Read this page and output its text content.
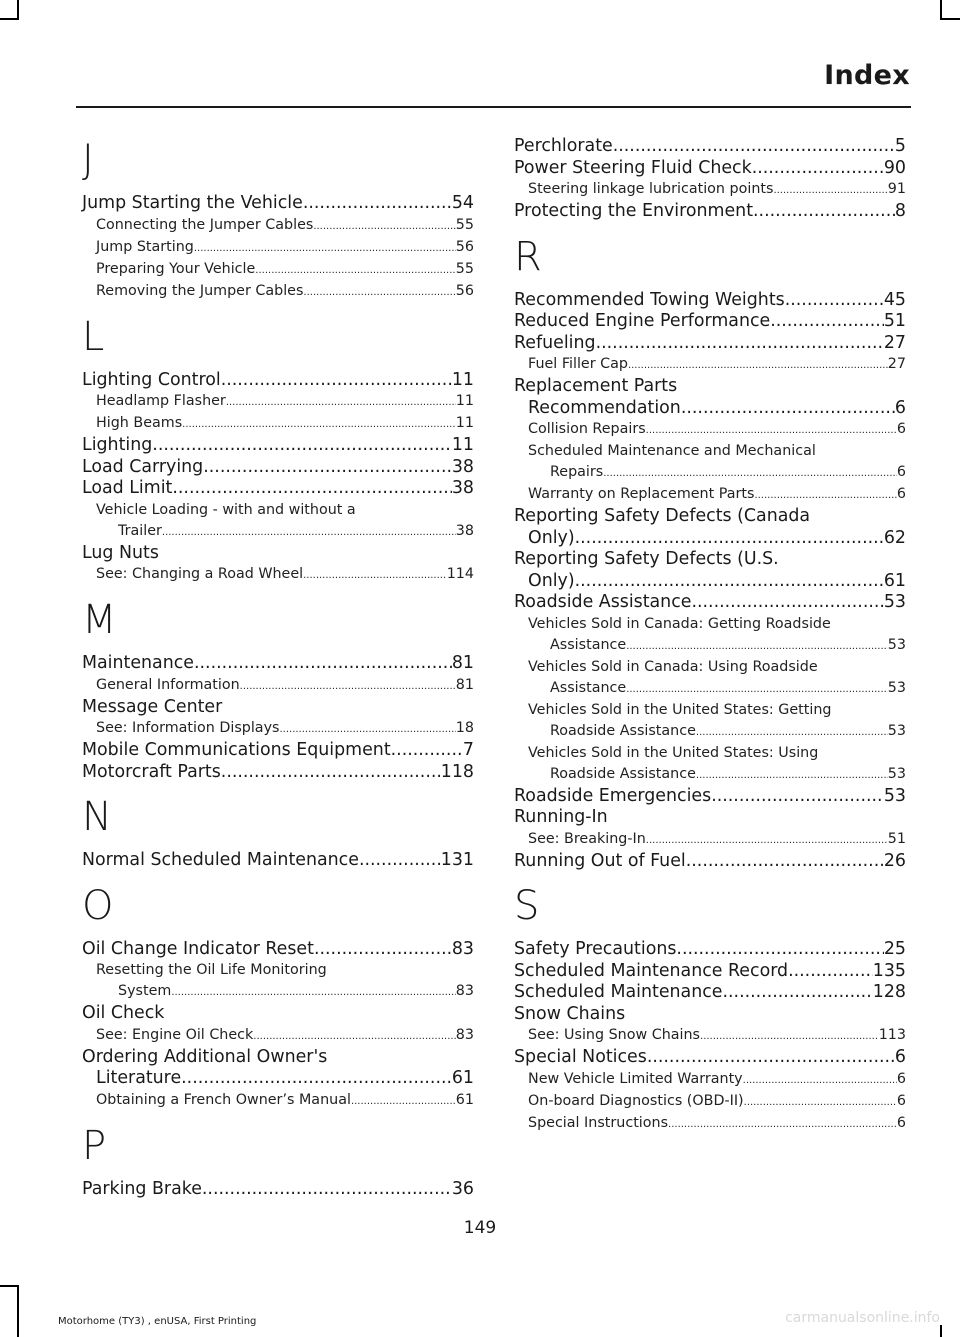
Index
J
Jump Starting the Vehicle .....	54
Connecting the Jumper Cables .....	55
Jump Starting .....	56
Preparing Your Vehicle .....	55
Removing the Jumper Cables .....	56
L
Lighting Control .....	11
Headlamp Flasher .....	11
High Beams .....	11
Lighting .....	11
Load Carrying .....	38
Load Limit .....	38
Vehicle Loading - with and without a
Trailer .....	38
Lug Nuts
See: Changing a Road Wheel .....	114
M
Maintenance .....	81
General Information .....	81
Message Center
See: Information Displays .....	18
Mobile Communications Equipment .....	7
Motorcraft Parts .....	118
N
Normal Scheduled Maintenance .....	131
O
Oil Change Indicator Reset .....	83
Resetting the Oil Life Monitoring
System .....	83
Oil Check
See: Engine Oil Check .....	83
Ordering Additional Owner's
Literature .....	61
Obtaining a French Owner’s Manual .....	61
P
Parking Brake .....	36
Perchlorate .....	5
Power Steering Fluid Check .....	90
Steering linkage lubrication points .....	91
Protecting the Environment .....	8
R
Recommended Towing Weights .....	45
Reduced Engine Performance .....	51
Refueling .....	27
Fuel Filler Cap .....	27
Replacement Parts
Recommendation .....	6
Collision Repairs .....	6
Scheduled Maintenance and Mechanical
Repairs .....	6
Warranty on Replacement Parts .....	6
Reporting Safety Defects (Canada
Only) .....	62
Reporting Safety Defects (U.S.
Only) .....	61
Roadside Assistance .....	53
Vehicles Sold in Canada: Getting Roadside
Assistance .....	53
Vehicles Sold in Canada: Using Roadside
Assistance .....	53
Vehicles Sold in the United States: Getting
Roadside Assistance .....	53
Vehicles Sold in the United States: Using
Roadside Assistance .....	53
Roadside Emergencies .....	53
Running-In
See: Breaking-In .....	51
Running Out of Fuel .....	26
S
Safety Precautions .....	25
Scheduled Maintenance Record .....	135
Scheduled Maintenance .....	128
Snow Chains
See: Using Snow Chains .....	113
Special Notices .....	6
New Vehicle Limited Warranty .....	6
On-board Diagnostics (OBD-II) .....	6
Special Instructions .....	6
149
Motorhome (TY3) , enUSA, First Printing	carmanualsonline.info
